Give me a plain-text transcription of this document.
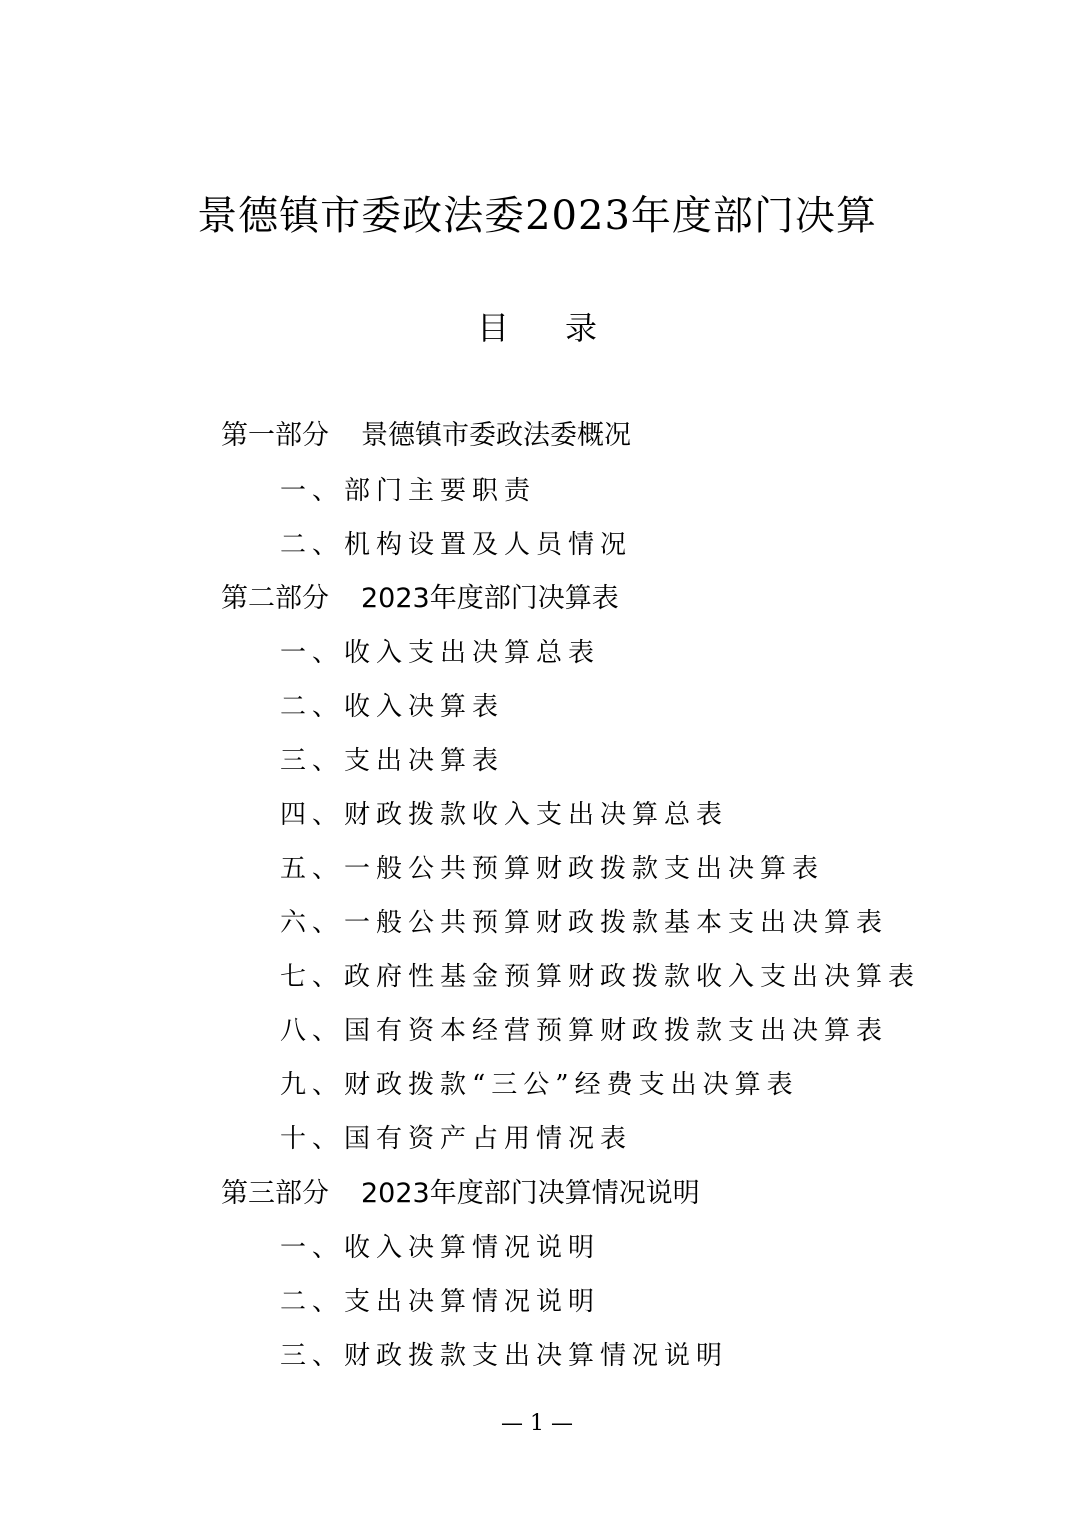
景德镇市委政法委2023年度部门决算
目录
第一部分 景德镇市委政法委概况
一、部门主要职责
二、机构设置及人员情况
第二部分 2023年度部门决算表
一、收入支出决算总表
二、收入决算表
三、支出决算表
四、财政拨款收入支出决算总表
五、一般公共预算财政拨款支出决算表
六、一般公共预算财政拨款基本支出决算表
七、政府性基金预算财政拨款收入支出决算表
八、国有资本经营预算财政拨款支出决算表
九、财政拨款“三公”经费支出决算表
十、国有资产占用情况表
第三部分 2023年度部门决算情况说明
一、收入决算情况说明
二、支出决算情况说明
三、财政拨款支出决算情况说明
— 1 —
